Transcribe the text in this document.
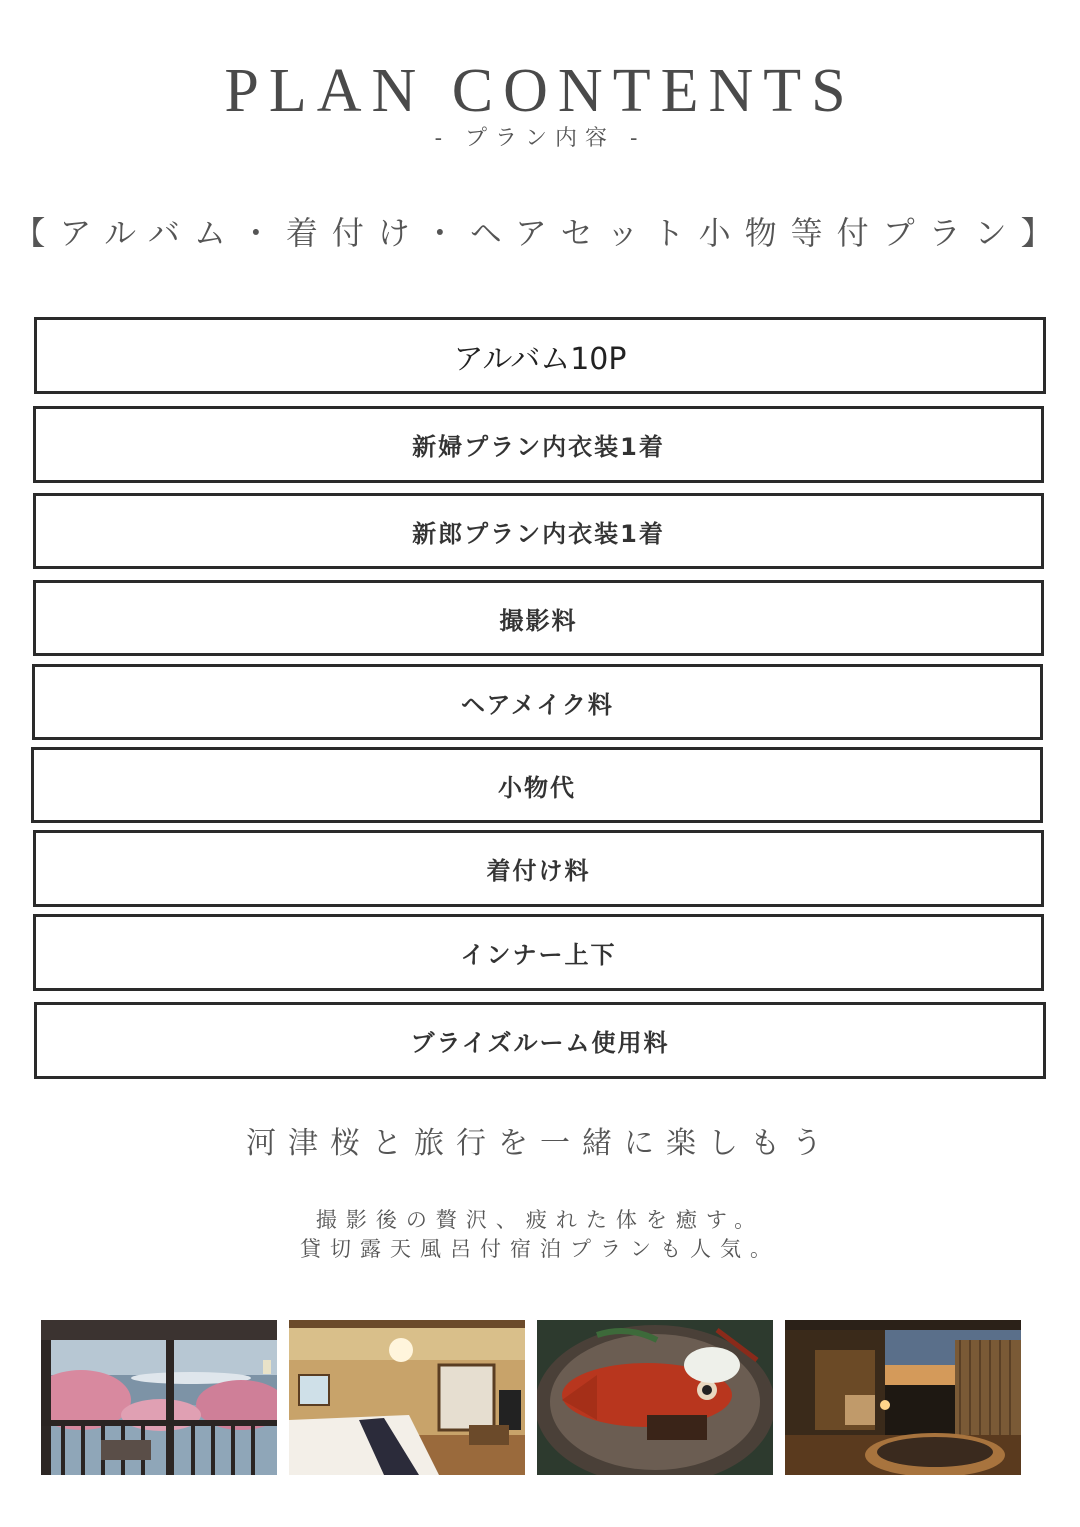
PLAN CONTENTS
- プラン内容 -
【アルバム・着付け・ヘアセット小物等付プラン】
アルバム10P
新婦プラン内衣装1着
新郎プラン内衣装1着
撮影料
ヘアメイク料
小物代
着付け料
インナー上下
ブライズルーム使用料
河津桜と旅行を一緒に楽しもう
撮影後の贅沢、疲れた体を癒す。
貸切露天風呂付宿泊プランも人気。
